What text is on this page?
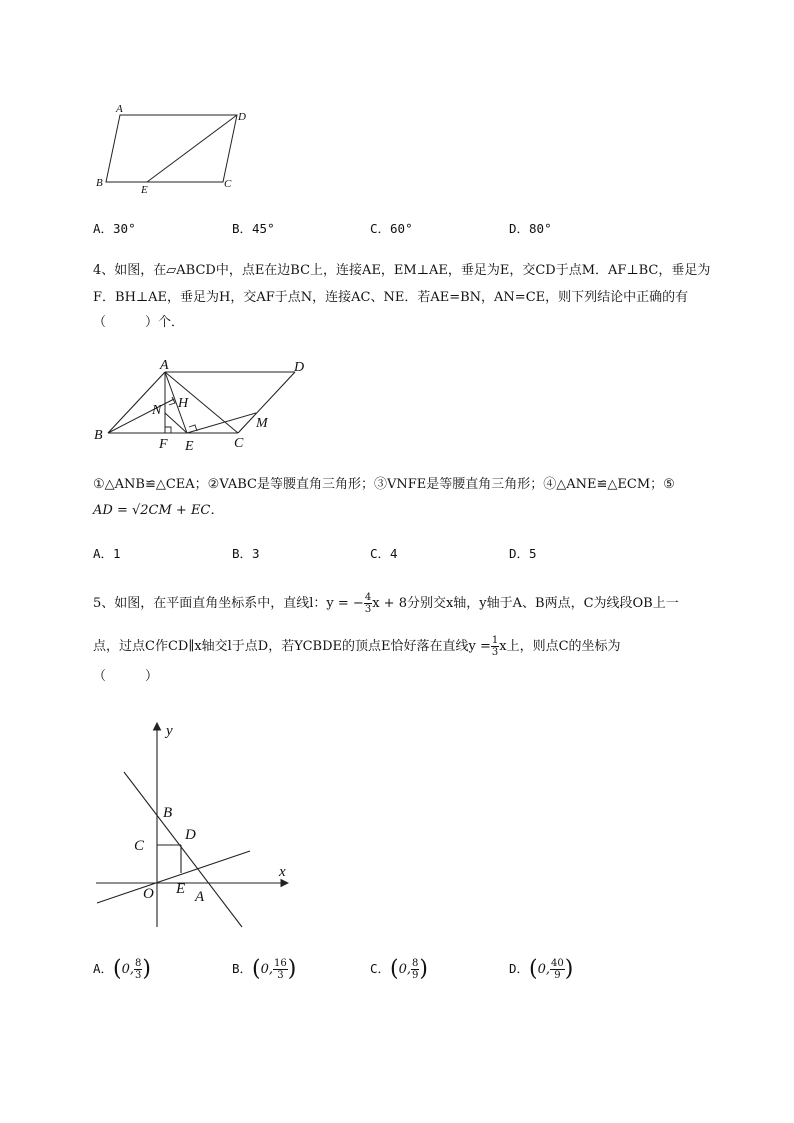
A
D
B
E	C
A．30°	B．45°	C．60°	D．80°
4、如图，在▱ABCD中，点E在边BC上，连接AE，EM⊥AE，垂足为E，交CD于点M．AF⊥BC，垂足为
F．BH⊥AE，垂足为H，交AF于点N，连接AC、NE．若AE=BN，AN=CE，则下列结论中正确的有
（　　　）个．
A	D
B
F E	C
M
N H
①△ANB≌△CEA；②VABC是等腰直角三角形；③VNFE是等腰直角三角形；④△ANE≌△ECM；⑤
AD = √2CM + EC．
A．1	B．3	C．4	D．5
5、如图，在平面直角坐标系中，直线l：y = − $\frac{4}{3}$ x + 8分别交x轴，y轴于A、B两点，C为线段OB上一
点，过点C作CD∥x轴交l于点D，若YCBDE的顶点E恰好落在直线$y = \frac{1}{3}$ x上，则点C的坐标为
（　　　）
y
x
B
C
D
O E A
A．(0, $\frac{8}{3}$ )	B．(0, $\frac{16}{3}$ )	C．(0, $\frac{8}{9}$ )	D．(0, $\frac{40}{9}$ )
